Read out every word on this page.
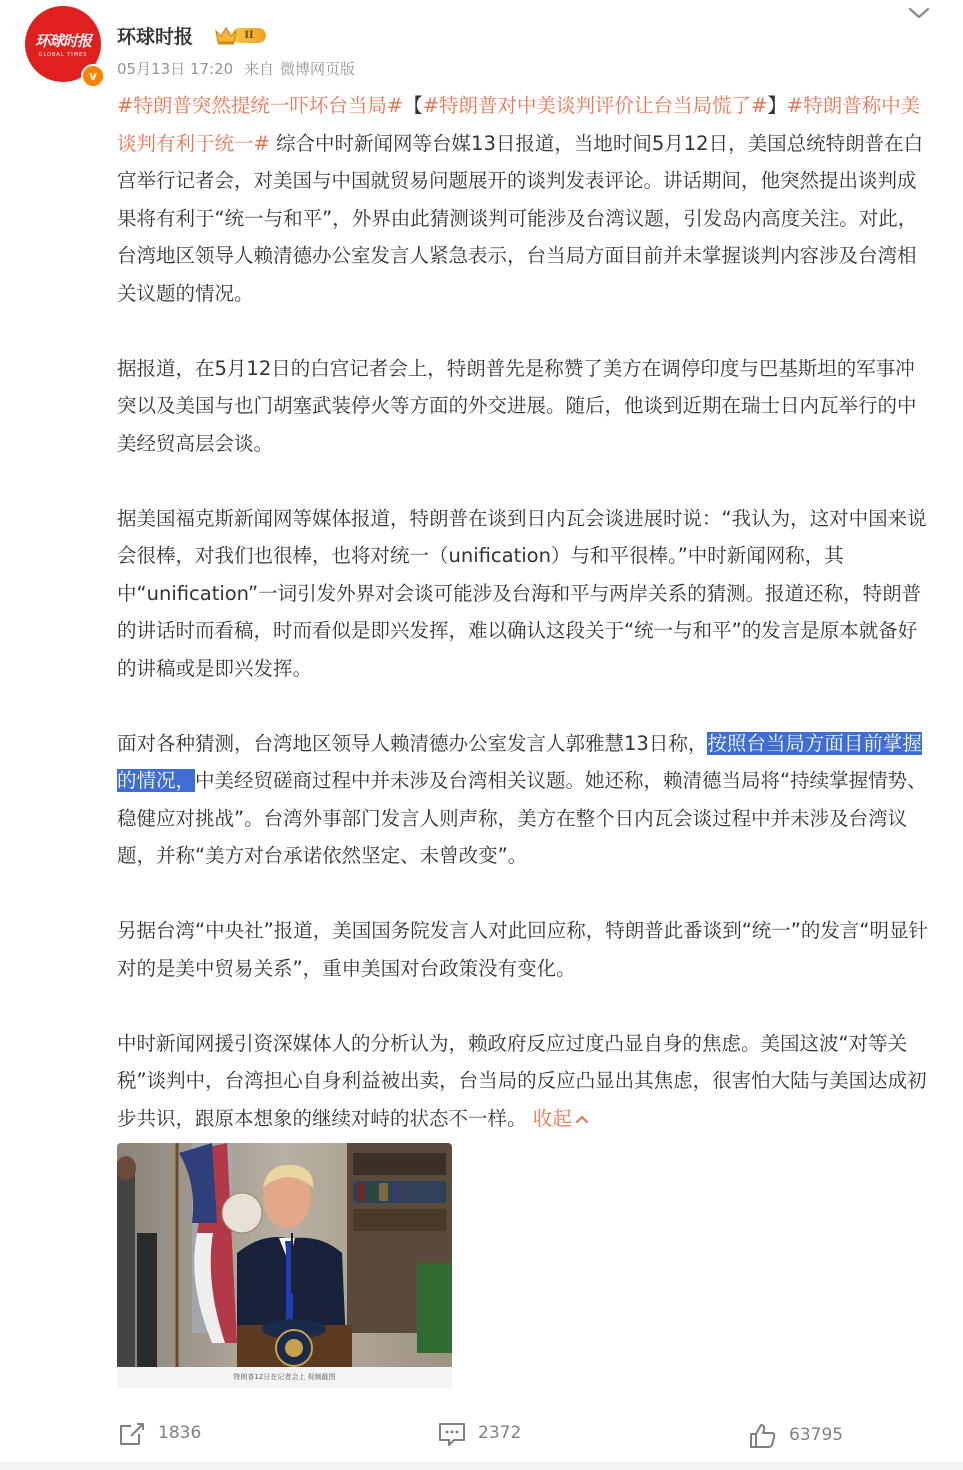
环球时报
GLOBAL TIMES
v
环球时报	II
05月13日 17:20 来自 微博网页版

#特朗普突然提统一吓坏台当局#【#特朗普对中美谈判评价让台当局慌了#】#特朗普称中美谈判有利于统一# 综合中时新闻网等台媒13日报道，当地时间5月12日，美国总统特朗普在白宫举行记者会，对美国与中国就贸易问题展开的谈判发表评论。讲话期间，他突然提出谈判成果将有利于“统一与和平”，外界由此猜测谈判可能涉及台湾议题，引发岛内高度关注。对此，台湾地区领导人赖清德办公室发言人紧急表示，台当局方面目前并未掌握谈判内容涉及台湾相关议题的情况。

据报道，在5月12日的白宫记者会上，特朗普先是称赞了美方在调停印度与巴基斯坦的军事冲突以及美国与也门胡塞武装停火等方面的外交进展。随后，他谈到近期在瑞士日内瓦举行的中美经贸高层会谈。

据美国福克斯新闻网等媒体报道，特朗普在谈到日内瓦会谈进展时说：“我认为，这对中国来说会很棒，对我们也很棒，也将对统一（unification）与和平很棒。”中时新闻网称，其中“unification”一词引发外界对会谈可能涉及台海和平与两岸关系的猜测。报道还称，特朗普的讲话时而看稿，时而看似是即兴发挥，难以确认这段关于“统一与和平”的发言是原本就备好的讲稿或是即兴发挥。

面对各种猜测，台湾地区领导人赖清德办公室发言人郭雅慧13日称，按照台当局方面目前掌握的情况，中美经贸磋商过程中并未涉及台湾相关议题。她还称，赖清德当局将“持续掌握情势、稳健应对挑战”。台湾外事部门发言人则声称，美方在整个日内瓦会谈过程中并未涉及台湾议题，并称“美方对台承诺依然坚定、未曾改变”。

另据台湾“中央社”报道，美国国务院发言人对此回应称，特朗普此番谈到“统一”的发言“明显针对的是美中贸易关系”，重申美国对台政策没有变化。

中时新闻网援引资深媒体人的分析认为，赖政府反应过度凸显自身的焦虑。美国这波“对等关税”谈判中，台湾担心自身利益被出卖，台当局的反应凸显出其焦虑，很害怕大陆与美国达成初步共识，跟原本想象的继续对峙的状态不一样。 收起

特朗普12日在记者会上 视频截图
1836	2372	63795
